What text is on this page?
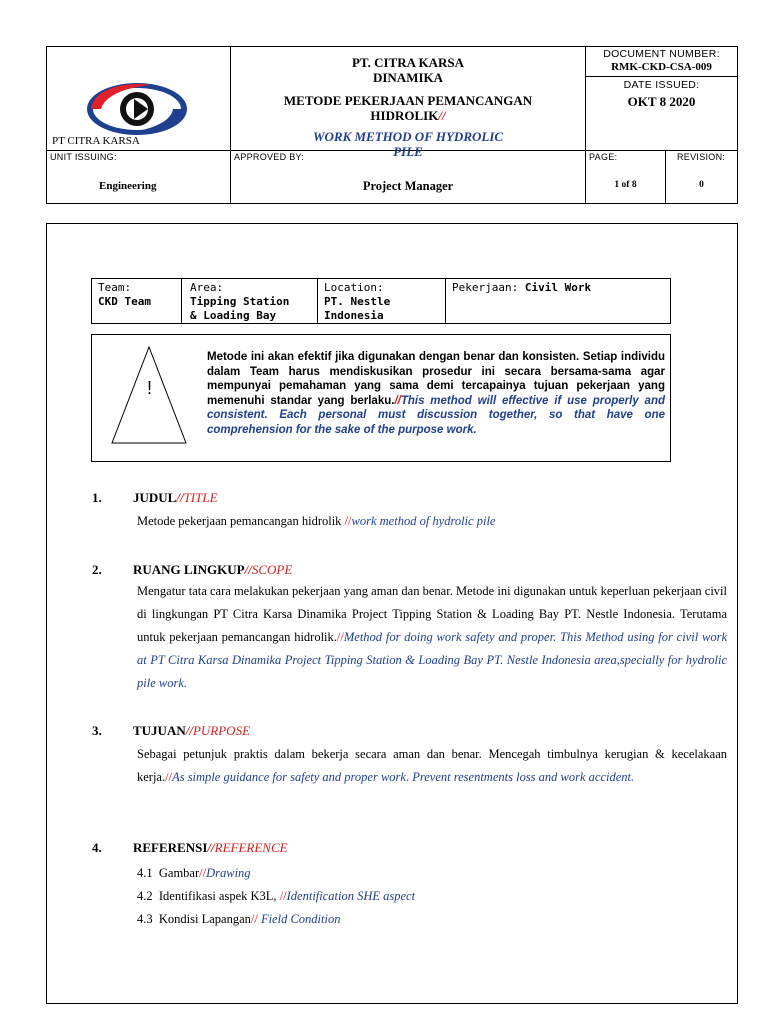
PT CITRA KARSA
PT. CITRA KARSA
DINAMIKA
METODE PEKERJAAN PEMANCANGAN
HIDROLIK//
WORK METHOD OF HYDROLIC
PILE
DOCUMENT NUMBER:
RMK-CKD-CSA-009
DATE ISSUED:
OKT 8 2020
UNIT ISSUING:	APPROVED BY:	PAGE:	REVISION:
Engineering	Project Manager	1 of 8	0
Team:
CKD Team
Area:
Tipping Station
& Loading Bay
Location:
PT. Nestle
Indonesia
Pekerjaan: Civil Work
!
Metode ini akan efektif jika digunakan dengan benar dan konsisten. Setiap individu dalam Team harus mendiskusikan prosedur ini secara bersama-sama agar mempunyai pemahaman yang sama demi tercapainya tujuan pekerjaan yang memenuhi standar yang berlaku.//This method will effective if use properly and consistent. Each personal must discussion together, so that have one comprehension for the sake of the purpose work.
1. JUDUL//TITLE
Metode pekerjaan pemancangan hidrolik //work method of hydrolic pile
2. RUANG LINGKUP//SCOPE
Mengatur tata cara melakukan pekerjaan yang aman dan benar. Metode ini digunakan untuk keperluan pekerjaan civil di lingkungan PT Citra Karsa Dinamika Project Tipping Station & Loading Bay PT. Nestle Indonesia. Terutama untuk pekerjaan pemancangan hidrolik.//Method for doing work safety and proper. This Method using for civil work at PT Citra Karsa Dinamika Project Tipping Station & Loading Bay PT. Nestle Indonesia area,specially for hydrolic pile work.
3. TUJUAN//PURPOSE
Sebagai petunjuk praktis dalam bekerja secara aman dan benar. Mencegah timbulnya kerugian & kecelakaan kerja.//As simple guidance for safety and proper work. Prevent resentments loss and work accident.
4. REFERENSI//REFERENCE
4.1 Gambar//Drawing
4.2 Identifikasi aspek K3L, //Identification SHE aspect
4.3 Kondisi Lapangan// Field Condition
